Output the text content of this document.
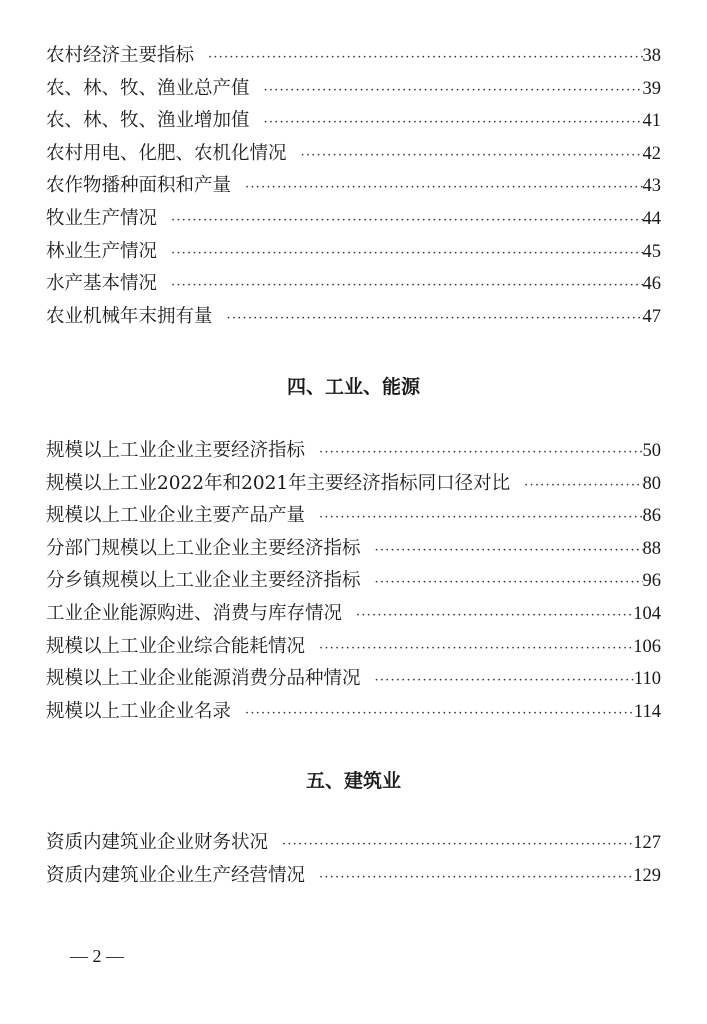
农村经济主要指标 ·····	38
农、林、牧、渔业总产值 ·····	39
农、林、牧、渔业增加值 ·····	41
农村用电、化肥、农机化情况 ·····	42
农作物播种面积和产量 ·····	43
牧业生产情况 ·····	44
林业生产情况 ·····	45
水产基本情况 ·····	46
农业机械年末拥有量 ·····	47
四、工业、能源
规模以上工业企业主要经济指标 ·····	50
规模以上工业2022年和2021年主要经济指标同口径对比 ·····	80
规模以上工业企业主要产品产量 ·····	86
分部门规模以上工业企业主要经济指标 ·····	88
分乡镇规模以上工业企业主要经济指标 ·····	96
工业企业能源购进、消费与库存情况 ·····	104
规模以上工业企业综合能耗情况 ·····	106
规模以上工业企业能源消费分品种情况 ·····	110
规模以上工业企业名录 ·····	114
五、建筑业
资质内建筑业企业财务状况 ·····	127
资质内建筑业企业生产经营情况 ·····	129
— 2 —
